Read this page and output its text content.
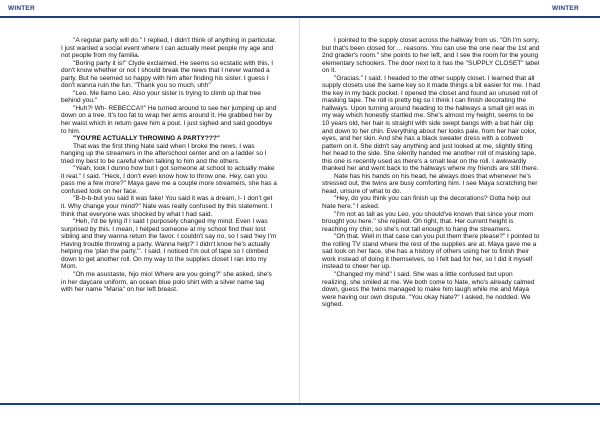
WINTER	WINTER

"A regular party will do." I replied, I didn't think of anything in particular. I just wanted a social event where I can actually meet people my age and not people from my familia.

"Boring party it is!" Clyde exclaimed. He seems so ecstatic with this, I don't know whether or not I should break the news that I never wanted a party. But he seemed so happy with him after finding his sister. I guess I don't wanna ruin the fun. "Thank you so much, uhh"

"Leo. Me llamo Leo. Also your sister is trying to climb up that tree behind you."

"Huh?! Wh- REBECCA!!" He turned around to see her jumping up and down on a tree. It's too fat to wrap her arms around it. He grabbed her by her waist which in return gave him a pout. I just sighed and said goodbye to him.

"YOU'RE ACTUALLY THROWING A PARTY???"

That was the first thing Nate said when I broke the news. I was hanging up the streamers in the afterschool center and on a ladder so I tried my best to be careful when talking to him and the others.

"Yeah, look I dunno how but I got someone at school to actually make it real." I said. "Heck, I don't even know how to throw one. Hey, can you pass me a few more?" Maya gave me a couple more streamers, she has a confused look on her face.

"B-b-b-but you said it was fake! You said it was a dream, I- I don't get it. Why change your mind?" Nate was really confused by this statement. I think that everyone was shocked by what I had said.

"Heh, I'd be lying if I said I purposely changed my mind. Even I was surprised by this. I mean, I helped someone at my school find their lost sibling and they wanna return the favor. I couldn't say no, so I said 'hey I'm Having trouble throwing a party. Wanna help?' I didn't know he's actually helping me 'plan the party.'". I said. I noticed I'm out of tape so I climbed down to get another roll. On my way to the supplies closet I ran into my Mom.

"Oh me asustaste, hijo mio! Where are you going?" she asked, she's in her daycare uniform, an ocean blue polo shirt with a silver name tag with her name "Maria" on her left breast.

I pointed to the supply closet across the hallway from us. "Oh I'm sorry, but that's been closed for ... reasons. You can use the one near the 1st and 2nd grader's room." she points to her left, and I see the room for the young elementary schoolers. The door next to it has the "SUPPLY CLOSET" label on it.

"Gracias." I said. I headed to the other supply closet. I learned that all supply closets use the same key so it made things a bit easier for me. I had the key in my back pocket. I opened the closet and found an unused roll of masking tape. The roll is pretty big so I think I can finish decorating the hallways. Upon turning around heading to the hallways a small girl was in my way which honestly startled me. She's almost my height, seems to be 10 years old, her hair is straight with side swept bangs with a bat hair clip and down to her chin. Everything about her looks pale, from her hair color, eyes, and her skin. And she has a black sweater dress with a cobweb pattern on it. She didn't say anything and just looked at me, slightly tilting her head to the side. She silently handed me another roll of masking tape, this one is recently used as there's a small tear on the roll. I awkwardly thanked her and went back to the hallways where my friends are still there.

Nate has his hands on his head, he always does that whenever he's stressed out, the twins are busy comforting him. I see Maya scratching her head, unsure of what to do.

"Hey, do you think you can finish up the decorations? Gotta help out Nate here." I asked.

"I'm not as tall as you Leo, you should've known that since your mom brought you here." she replied. Oh right, that. Her current height is reaching my chin, so she's not tall enough to hang the streamers.

"Oh that. Well in that case can you put them there please?" I pointed to the rolling TV stand where the rest of the supplies are at. Maya gave me a sad look on her face, she has a history of others using her to finish their work instead of doing it themselves, so I felt bad for her, so I did it myself instead to cheer her up.

"Changed my mind" I said. She was a little confused but upon realizing, she smiled at me. We both come to Nate, who's already calmed down, guess the twins managed to make him laugh while me and Maya were having our own dispute. "You okay Nate?" I asked, he nodded. We sighed.
